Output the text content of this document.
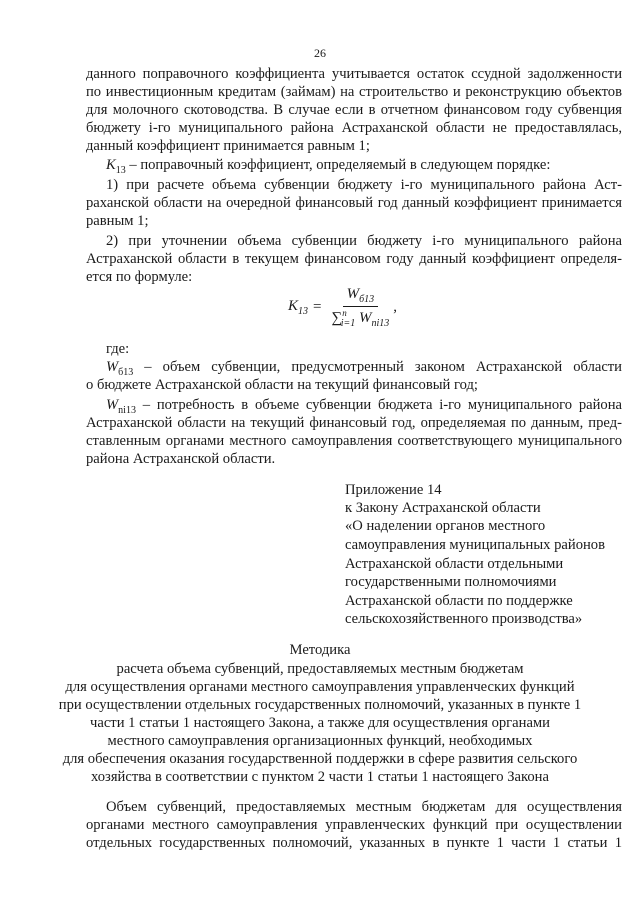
26
данного поправочного коэффициента учитывается остаток ссудной задолженности
по инвестиционным кредитам (займам) на строительство и реконструкцию объектов
для молочного скотоводства. В случае если в отчетном финансовом году субвенция
бюджету i-го муниципального района Астраханской области не предоставлялась,
данный коэффициент принимается равным 1;
$K_{13}$ – поправочный коэффициент, определяемый в следующем порядке:
1) при расчете объема субвенции бюджету i-го муниципального района Аст-
раханской области на очередной финансовый год данный коэффициент принимается
равным 1;
2) при уточнении объема субвенции бюджету i-го муниципального района
Астраханской области в текущем финансовом году данный коэффициент определя-
ется по формуле:
$K_{13} = \frac{W_{б13}}{\sum^n_{i=1} W_{ni13}}$ ,
где:
$W_{б13}$ – объем субвенции, предусмотренный законом Астраханской области
о бюджете Астраханской области на текущий финансовый год;
$W_{ni13}$ – потребность в объеме субвенции бюджета i-го муниципального района
Астраханской области на текущий финансовый год, определяемая по данным, пред-
ставленным органами местного самоуправления соответствующего муниципального
района Астраханской области.
Приложение 14
к Закону Астраханской области
«О наделении органов местного
самоуправления муниципальных районов
Астраханской области отдельными
государственными полномочиями
Астраханской области по поддержке
сельскохозяйственного производства»
Методика
расчета объема субвенций, предоставляемых местным бюджетам
для осуществления органами местного самоуправления управленческих функций
при осуществлении отдельных государственных полномочий, указанных в пункте 1
части 1 статьи 1 настоящего Закона, а также для осуществления органами
местного самоуправления организационных функций, необходимых
для обеспечения оказания государственной поддержки в сфере развития сельского
хозяйства в соответствии с пунктом 2 части 1 статьи 1 настоящего Закона
Объем субвенций, предоставляемых местным бюджетам для осуществления
органами местного самоуправления управленческих функций при осуществлении
отдельных государственных полномочий, указанных в пункте 1 части 1 статьи 1
